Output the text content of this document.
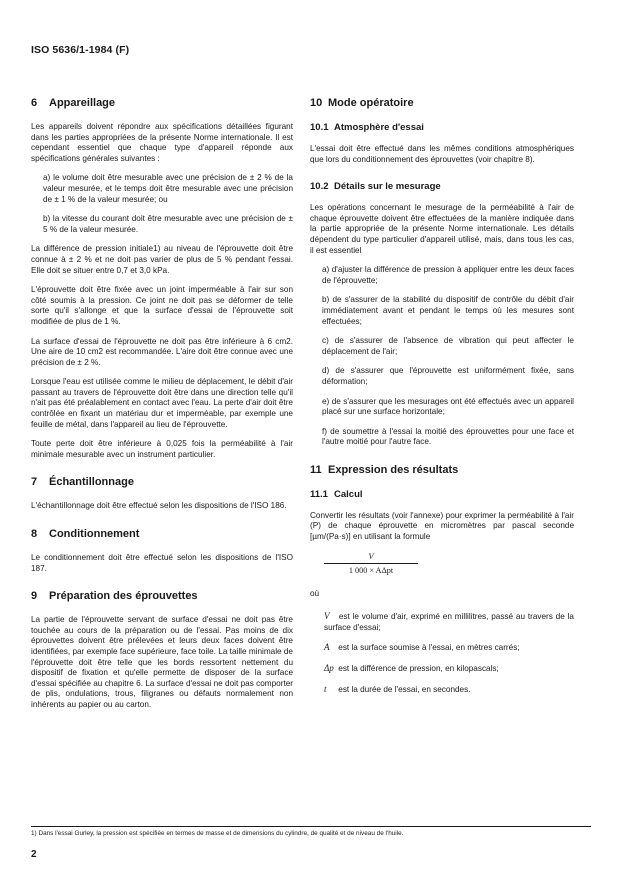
ISO 5636/1-1984 (F)
6 Appareillage

Les appareils doivent répondre aux spécifications détaillées figurant dans les parties appropriées de la présente Norme internationale. Il est cependant essentiel que chaque type d'appareil réponde aux spécifications générales suivantes :

a) le volume doit être mesurable avec une précision de ± 2 % de la valeur mesurée, et le temps doit être mesurable avec une précision de ± 1 % de la valeur mesurée; ou

b) la vitesse du courant doit être mesurable avec une précision de ± 5 % de la valeur mesurée.

La différence de pression initiale1) au niveau de l'éprouvette doit être connue à ± 2 % et ne doit pas varier de plus de 5 % pendant l'essai. Elle doit se situer entre 0,7 et 3,0 kPa.

L'éprouvette doit être fixée avec un joint imperméable à l'air sur son côté soumis à la pression. Ce joint ne doit pas se déformer de telle sorte qu'il s'allonge et que la surface d'essai de l'éprouvette soit modifiée de plus de 1 %.

La surface d'essai de l'éprouvette ne doit pas être inférieure à 6 cm2. Une aire de 10 cm2 est recommandée. L'aire doit être connue avec une précision de ± 2 %.

Lorsque l'eau est utilisée comme le milieu de déplacement, le débit d'air passant au travers de l'éprouvette doit être dans une direction telle qu'il n'ait pas été préalablement en contact avec l'eau. La perte d'air doit être contrôlée en fixant un matériau dur et imperméable, par exemple une feuille de métal, dans l'appareil au lieu de l'éprouvette.

Toute perte doit être inférieure à 0,025 fois la perméabilité à l'air minimale mesurable avec un instrument particulier.

7 Échantillonnage

L'échantillonnage doit être effectué selon les dispositions de l'ISO 186.

8 Conditionnement

Le conditionnement doit être effectué selon les dispositions de l'ISO 187.

9 Préparation des éprouvettes

La partie de l'éprouvette servant de surface d'essai ne doit pas être touchée au cours de la préparation ou de l'essai. Pas moins de dix éprouvettes doivent être prélevées et leurs deux faces doivent être identifiées, par exemple face supérieure, face toile. La taille minimale de l'éprouvette doit être telle que les bords ressortent nettement du dispositif de fixation et qu'elle permette de disposer de la surface d'essai spécifiée au chapitre 6. La surface d'essai ne doit pas comporter de plis, ondulations, trous, filigranes ou défauts normalement non inhérents au papier ou au carton.

10 Mode opératoire
10.1 Atmosphère d'essai

L'essai doit être effectué dans les mêmes conditions atmosphériques que lors du conditionnement des éprouvettes (voir chapitre 8).

10.2 Détails sur le mesurage

Les opérations concernant le mesurage de la perméabilité à l'air de chaque éprouvette doivent être effectuées de la manière indiquée dans la partie appropriée de la présente Norme internationale. Les détails dépendent du type particulier d'appareil utilisé, mais, dans tous les cas, il est essentiel

a) d'ajuster la différence de pression à appliquer entre les deux faces de l'éprouvette;

b) de s'assurer de la stabilité du dispositif de contrôle du débit d'air immédiatement avant et pendant le temps où les mesures sont effectuées;

c) de s'assurer de l'absence de vibration qui peut affecter le déplacement de l'air;

d) de s'assurer que l'éprouvette est uniformément fixée, sans déformation;

e) de s'assurer que les mesurages ont été effectués avec un appareil placé sur une surface horizontale;

f) de soumettre à l'essai la moitié des éprouvettes pour une face et l'autre moitié pour l'autre face.

11 Expression des résultats
11.1 Calcul

Convertir les résultats (voir l'annexe) pour exprimer la perméabilité à l'air (P) de chaque éprouvette en micromètres par pascal seconde [µm/(Pa·s)] en utilisant la formule

V
1 000 × AΔpt

où

V est le volume d'air, exprimé en millilitres, passé au travers de la surface d'essai;

A est la surface soumise à l'essai, en mètres carrés;

Δp est la différence de pression, en kilopascals;

t est la durée de l'essai, en secondes.

1) Dans l'essai Gurley, la pression est spécifiée en termes de masse et de dimensions du cylindre, de qualité et de niveau de l'huile.
2
